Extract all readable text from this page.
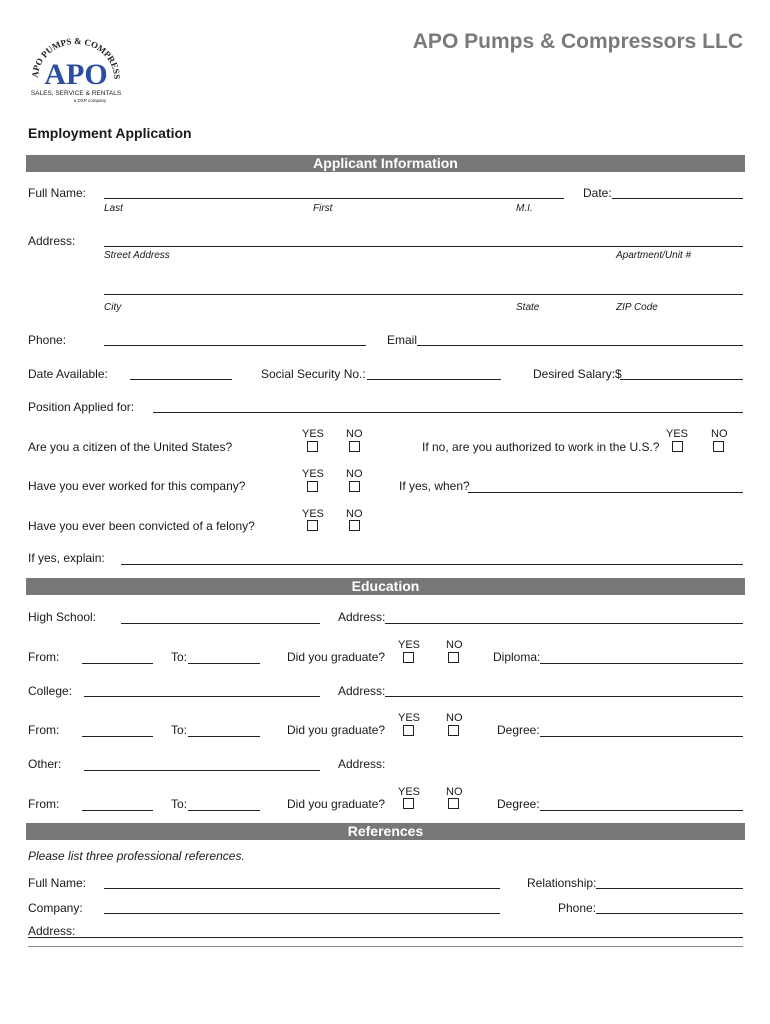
APO PUMPS & COMPRESS
APO
SALES, SERVICE & RENTALS
a DXP company
APO Pumps & Compressors LLC
Employment Application
Applicant Information
Full Name:	Date:
Last	First	M.I.
Address:
Street Address	Apartment/Unit #
City	State	ZIP Code
Phone:	Email
Date Available:	Social Security No.:	Desired Salary:$
Position Applied for:
Are you a citizen of the United States?
YES NO
If no, are you authorized to work in the U.S.?
YES NO
Have you ever worked for this company?
YES NO
If yes, when?
Have you ever been convicted of a felony?
YES NO
If yes, explain:
Education
High School:	Address:
From:	To:	Did you graduate?
YES NO
Diploma:
College:	Address:
From:	To:	Did you graduate?
YES NO
Degree:
Other:	Address:
From:	To:	Did you graduate?
YES NO
Degree:
References
Please list three professional references.
Full Name:	Relationship:
Company:	Phone:
Address:
